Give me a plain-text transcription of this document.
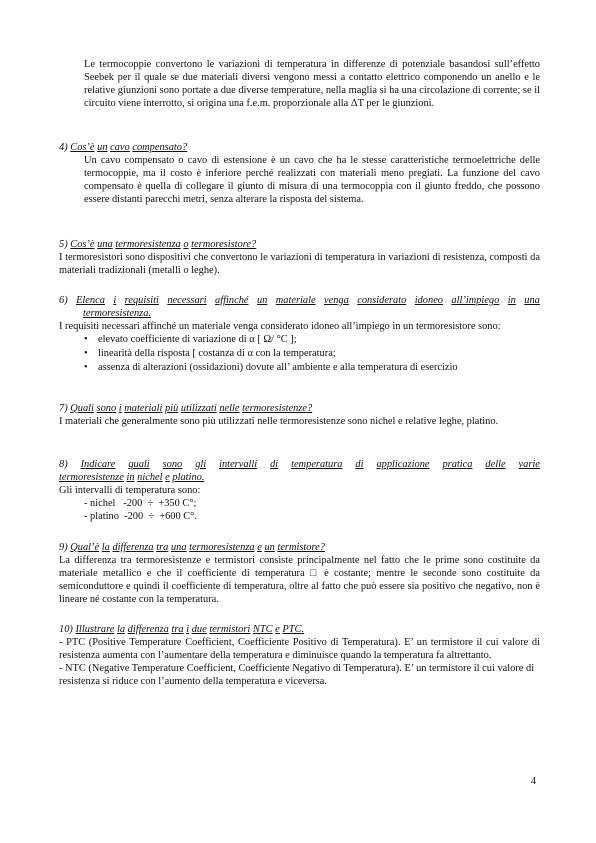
Le termocoppie convertono le variazioni di temperatura in differenze di potenziale basandosi sull’effetto Seebek per il quale se due materiali diversi vengono messi a contatto elettrico componendo un anello e le relative giunzioni sono portate a due diverse temperature, nella maglia si ha una circolazione di corrente; se il circuito viene interrotto, si origina una f.e.m. proporzionale alla ΔT per le giunzioni.

4) Cos’è un cavo compensato?

Un cavo compensato o cavo di estensione è un cavo che ha le stesse caratteristiche termoelettriche delle termocoppie, ma il costo è inferiore perché realizzati con materiali meno pregiati. La funzione del cavo compensato è quella di collegare il giunto di misura di una termocoppia con il giunto freddo, che possono essere distanti parecchi metri, senza alterare la risposta del sistema.

5) Cos’è una termoresistenza o termoresistore?

I termoresistori sono dispositivi che convertono le variazioni di temperatura in variazioni di resistenza, composti da materiali tradizionali (metalli o leghe).

6) Elenca i requisiti necessari affinché un materiale venga considerato idoneo all’impiego in una
termoresistenza.

I requisiti necessari affinché un materiale venga considerato idoneo all’impiego in un termoresistore sono:

• elevato coefficiente di variazione di α [ Ω/ °C ];
• linearità della risposta [ costanza di α con la temperatura;
• assenza di alterazioni (ossidazioni) dovute all’ ambiente e alla temperatura di esercizio
7) Quali sono i materiali più utilizzati nelle termoresistenze?

I materiali che generalmente sono più utilizzati nelle termoresistenze sono nichel e relative leghe, platino.

8) Indicare quali sono gli intervalli di temperatura di applicazione pratica delle varie
termoresistenze in nichel e platino.

Gli intervalli di temperatura sono:

- nichel   -200  ÷  +350 C°;
- platino  -200  ÷  +600 C°.
9) Qual’è la differenza tra una termoresistenza e un termistore?

La differenza tra termoresistenze e termistori consiste principalmente nel fatto che le prime sono costituite da materiale metallico e che il coefficiente di temperatura □ è costante; mentre le seconde sono costituite da semiconduttore e quindi il coefficiente di temperatura, oltre al fatto che può essere sia positivo che negativo, non è lineare né costante con la temperatura.

10) Illustrare la differenza tra i due termistori NTC e PTC.

- PTC (Positive Temperature Coefficient, Coefficiente Positivo di Temperatura). E’ un termistore il cui valore di resistenza aumenta con l’aumentare della temperatura e diminuisce quando la temperatura fa altrettanto.

- NTC (Negative Temperature Coefficient, Coefficiente Negativo di Temperatura). E’ un termistore il cui valore di resistenza si riduce con l’aumento della temperatura e viceversa.

4
